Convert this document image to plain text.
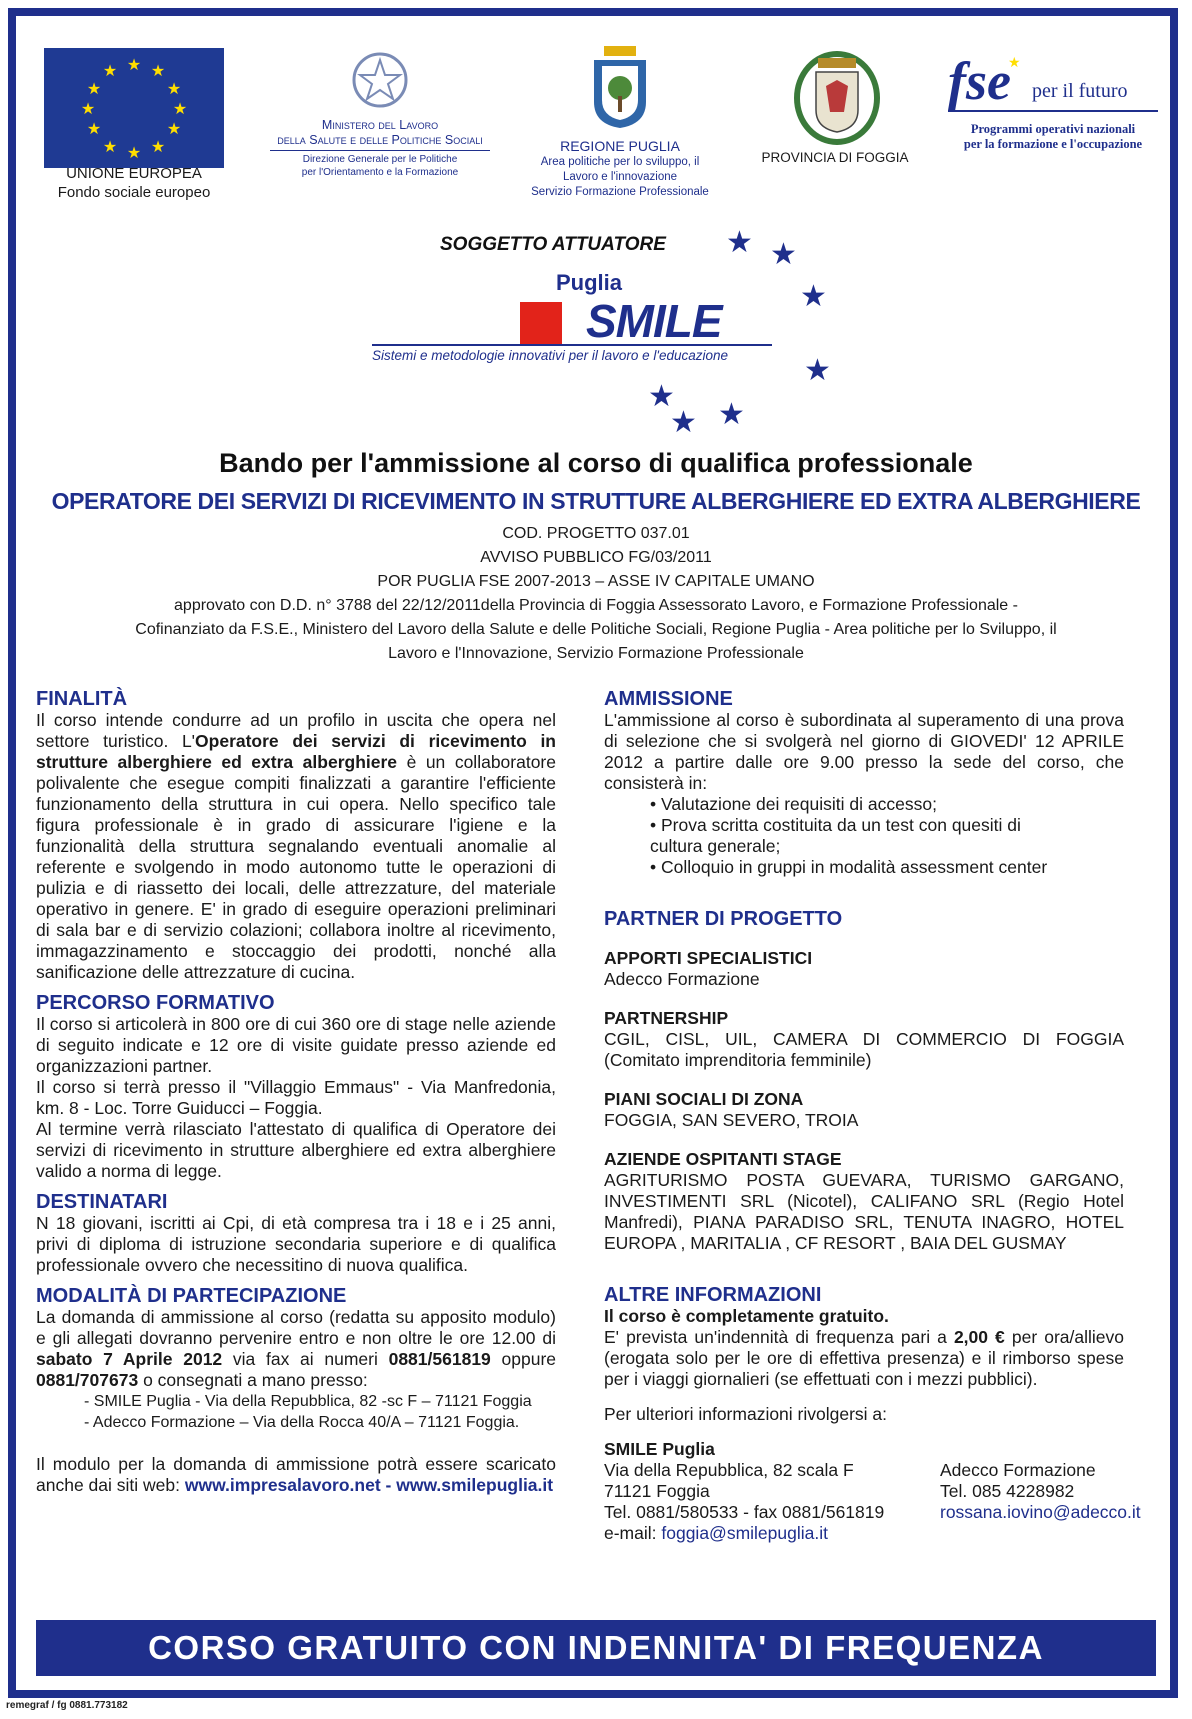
★ ★
★
★
★
★
★
★
★
★
★
★
UNIONE EUROPEA
Fondo sociale europeo
Ministero del Lavoro
della Salute e delle Politiche Sociali
Direzione Generale per le Politiche
per l'Orientamento e la Formazione
REGIONE PUGLIA
Area politiche per lo sviluppo, il
Lavoro e l'innovazione
Servizio Formazione Professionale
PROVINCIA DI FOGGIA
fse
★
per il futuro
Programmi operativi nazionali
per la formazione e l'occupazione
SOGGETTO ATTUATORE
Puglia
SMILE
Sistemi e metodologie innovativi per il lavoro e l'educazione
★ ★
★
★
★
★ ★
Bando per l'ammissione al corso di qualifica professionale
OPERATORE DEI SERVIZI DI RICEVIMENTO IN STRUTTURE ALBERGHIERE ED EXTRA ALBERGHIERE
COD. PROGETTO 037.01
AVVISO PUBBLICO FG/03/2011
POR PUGLIA FSE 2007-2013 – ASSE IV CAPITALE UMANO
approvato con D.D. n° 3788 del 22/12/2011della Provincia di Foggia Assessorato Lavoro, e Formazione Professionale -
Cofinanziato da F.S.E., Ministero del Lavoro della Salute e delle Politiche Sociali, Regione Puglia - Area politiche per lo Sviluppo, il
Lavoro e l'Innovazione, Servizio Formazione Professionale

FINALITÀ

Il corso intende condurre ad un profilo in uscita che opera nel settore turistico. L'Operatore dei servizi di ricevimento in strutture alberghiere ed extra alberghiere è un collaboratore polivalente che esegue compiti finalizzati a garantire l'efficiente funzionamento della struttura in cui opera. Nello specifico tale figura professionale è in grado di assicurare l'igiene e la funzionalità della struttura segnalando eventuali anomalie al referente e svolgendo in modo autonomo tutte le operazioni di pulizia e di riassetto dei locali, delle attrezzature, del materiale operativo in genere. E' in grado di eseguire operazioni preliminari di sala bar e di servizio colazioni; collabora inoltre al ricevimento, immagazzinamento e stoccaggio dei prodotti, nonché alla sanificazione delle attrezzature di cucina.

PERCORSO FORMATIVO

Il corso si articolerà in 800 ore di cui 360 ore di stage nelle aziende di seguito indicate e 12 ore di visite guidate presso aziende ed organizzazioni partner.

Il corso si terrà presso il "Villaggio Emmaus" - Via Manfredonia, km. 8 - Loc. Torre Guiducci – Foggia.

Al termine verrà rilasciato l'attestato di qualifica di Operatore dei servizi di ricevimento in strutture alberghiere ed extra alberghiere valido a norma di legge.

DESTINATARI

N 18 giovani, iscritti ai Cpi, di età compresa tra i 18 e i 25 anni, privi di diploma di istruzione secondaria superiore e di qualifica professionale ovvero che necessitino di nuova qualifica.

MODALITÀ DI PARTECIPAZIONE

La domanda di ammissione al corso (redatta su apposito modulo) e gli allegati dovranno pervenire entro e non oltre le ore 12.00 di sabato 7 Aprile 2012 via fax ai numeri 0881/561819 oppure 0881/707673 o consegnati a mano presso:

- SMILE Puglia - Via della Repubblica, 82 -sc F – 71121 Foggia

- Adecco Formazione – Via della Rocca 40/A – 71121 Foggia.

Il modulo per la domanda di ammissione potrà essere scaricato anche dai siti web: www.impresalavoro.net - www.smilepuglia.it

AMMISSIONE

L'ammissione al corso è subordinata al superamento di una prova di selezione che si svolgerà nel giorno di GIOVEDI' 12 APRILE 2012 a partire dalle ore 9.00 presso la sede del corso, che consisterà in:

• Valutazione dei requisiti di accesso;

• Prova scritta costituita da un test con quesiti di cultura generale;

• Colloquio in gruppi in modalità assessment center

PARTNER DI PROGETTO

APPORTI SPECIALISTICI

Adecco Formazione

PARTNERSHIP

CGIL, CISL, UIL, CAMERA DI COMMERCIO DI FOGGIA (Comitato imprenditoria femminile)

PIANI SOCIALI DI ZONA

FOGGIA, SAN SEVERO, TROIA

AZIENDE OSPITANTI STAGE

AGRITURISMO POSTA GUEVARA, TURISMO GARGANO, INVESTIMENTI SRL (Nicotel), CALIFANO SRL (Regio Hotel Manfredi), PIANA PARADISO SRL, TENUTA INAGRO, HOTEL EUROPA , MARITALIA , CF RESORT , BAIA DEL GUSMAY

ALTRE INFORMAZIONI

Il corso è completamente gratuito.

E' prevista un'indennità di frequenza pari a 2,00 € per ora/allievo (erogata solo per le ore di effettiva presenza) e il rimborso spese per i viaggi giornalieri (se effettuati con i mezzi pubblici).

Per ulteriori informazioni rivolgersi a:

SMILE Puglia
Via della Repubblica, 82 scala F
71121 Foggia
Tel. 0881/580533 - fax 0881/561819
e-mail: foggia@smilepuglia.it
Adecco Formazione
Tel. 085 4228982
rossana.iovino@adecco.it
CORSO GRATUITO CON INDENNITA' DI FREQUENZA
remegraf / fg 0881.773182
